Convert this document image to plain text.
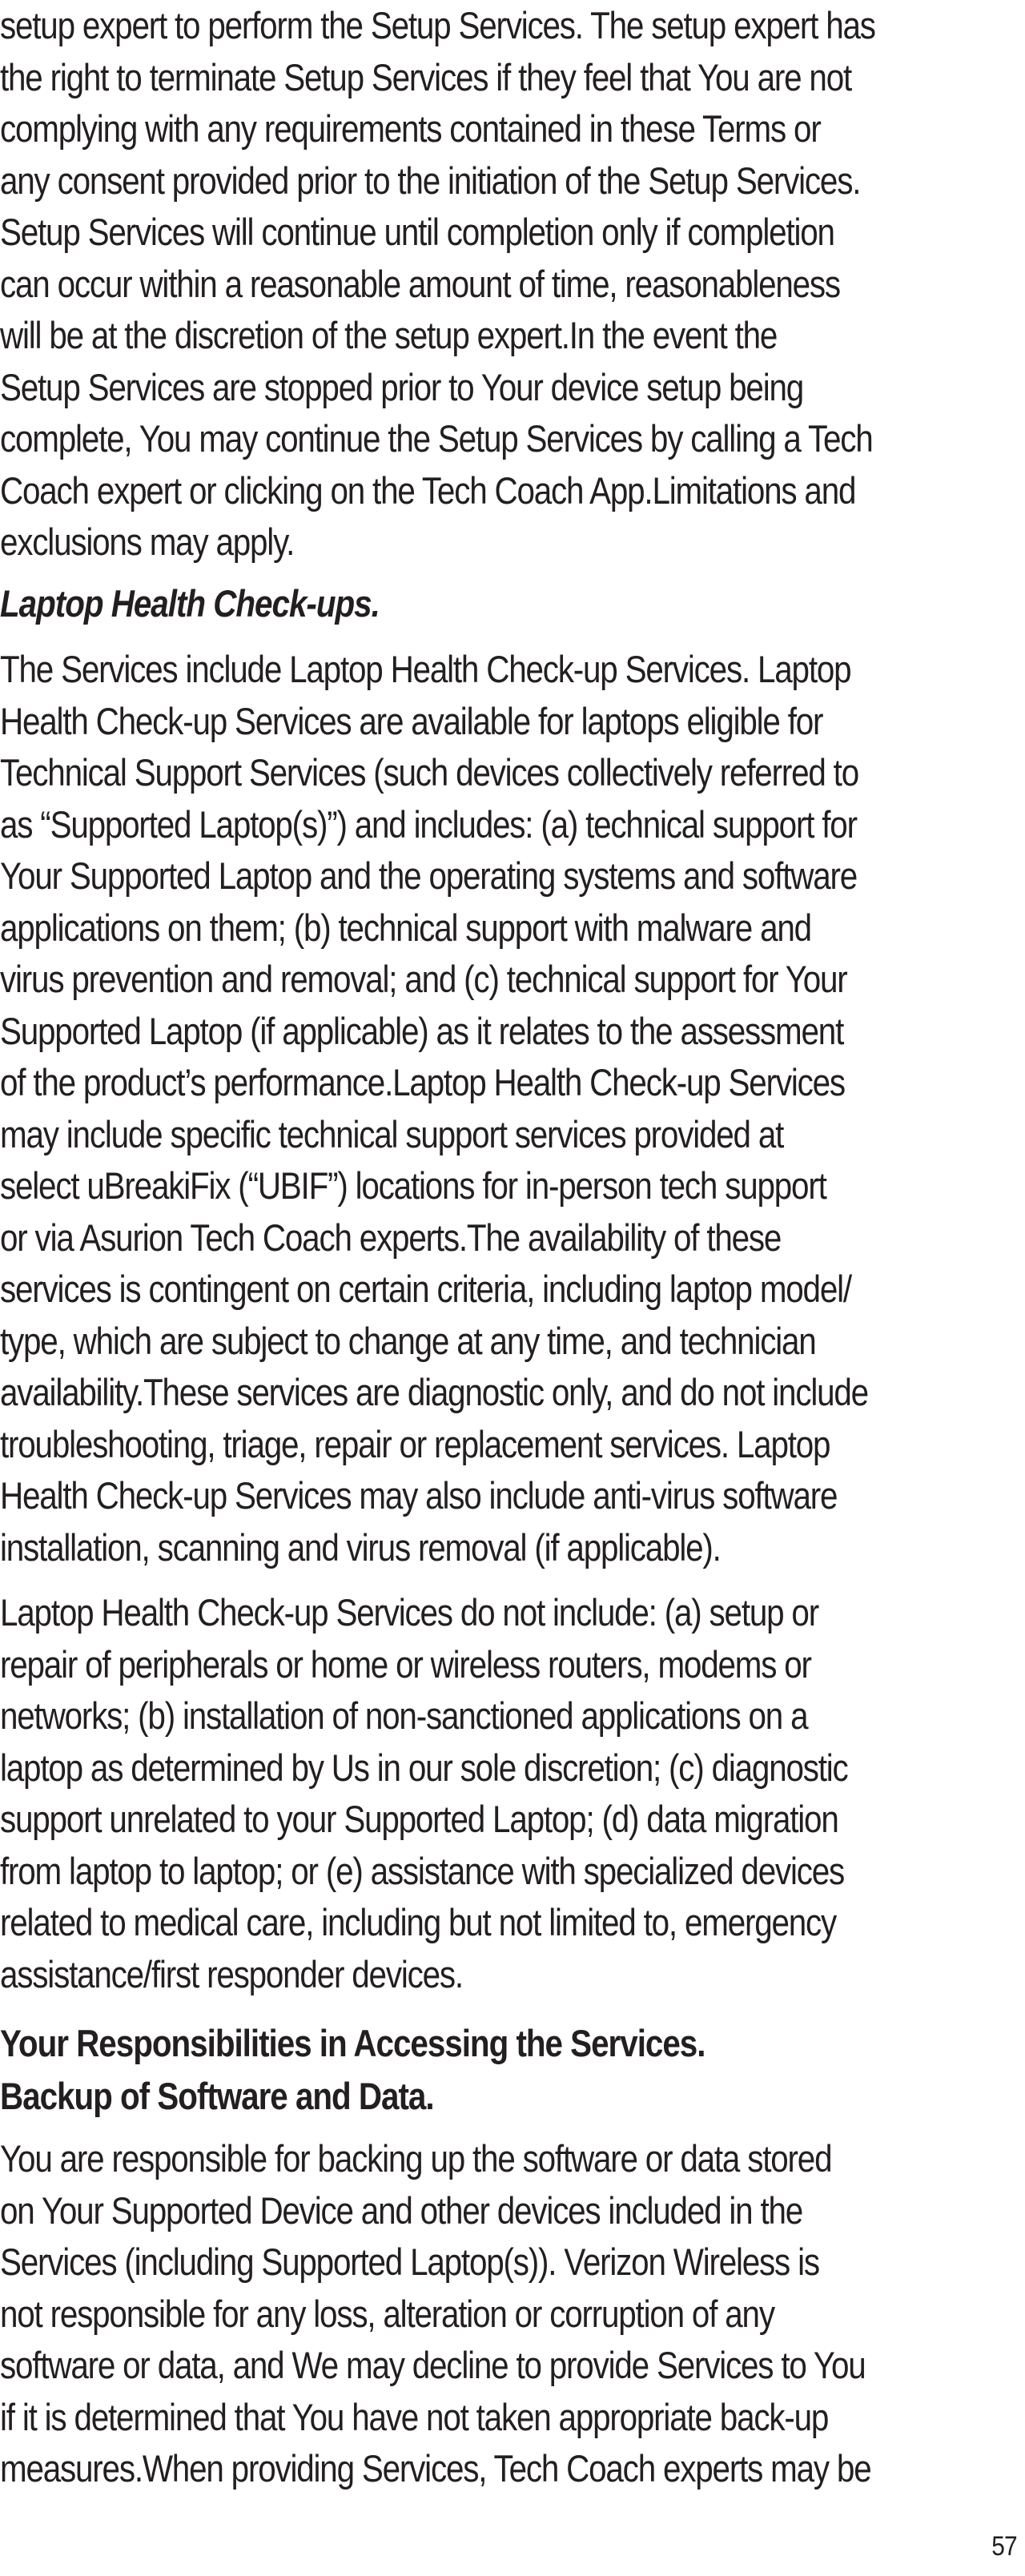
setup expert to perform the Setup Services. The setup expert has
the right to terminate Setup Services if they feel that You are not
complying with any requirements contained in these Terms or
any consent provided prior to the initiation of the Setup Services.
Setup Services will continue until completion only if completion
can occur within a reasonable amount of time, reasonableness
will be at the discretion of the setup expert.In the event the
Setup Services are stopped prior to Your device setup being
complete, You may continue the Setup Services by calling a Tech
Coach expert or clicking on the Tech Coach App.Limitations and
exclusions may apply.

Laptop Health Check-ups.

The Services include Laptop Health Check-up Services. Laptop
Health Check-up Services are available for laptops eligible for
Technical Support Services (such devices collectively referred to
as “Supported Laptop(s)”) and includes: (a) technical support for
Your Supported Laptop and the operating systems and software
applications on them; (b) technical support with malware and
virus prevention and removal; and (c) technical support for Your
Supported Laptop (if applicable) as it relates to the assessment
of the product’s performance.Laptop Health Check-up Services
may include specific technical support services provided at
select uBreakiFix (“UBIF”) locations for in-person tech support
or via Asurion Tech Coach experts.The availability of these
services is contingent on certain criteria, including laptop model/
type, which are subject to change at any time, and technician
availability.These services are diagnostic only, and do not include
troubleshooting, triage, repair or replacement services. Laptop
Health Check-up Services may also include anti-virus software
installation, scanning and virus removal (if applicable).

Laptop Health Check-up Services do not include: (a) setup or
repair of peripherals or home or wireless routers, modems or
networks; (b) installation of non-sanctioned applications on a
laptop as determined by Us in our sole discretion; (c) diagnostic
support unrelated to your Supported Laptop; (d) data migration
from laptop to laptop; or (e) assistance with specialized devices
related to medical care, including but not limited to, emergency
assistance/first responder devices.

Your Responsibilities in Accessing the Services.
Backup of Software and Data.

You are responsible for backing up the software or data stored
on Your Supported Device and other devices included in the
Services (including Supported Laptop(s)). Verizon Wireless is
not responsible for any loss, alteration or corruption of any
software or data, and We may decline to provide Services to You
if it is determined that You have not taken appropriate back-up
measures.When providing Services, Tech Coach experts may be

57
